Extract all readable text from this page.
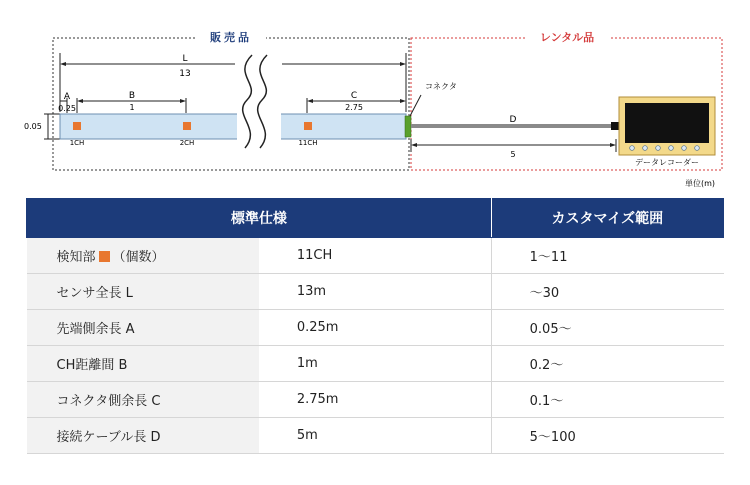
販売品	レンタル品
L
13
A
0.25
B
1
C
2.75
0.05
1CH	2CH	11CH
コネクタ
D
5
データレコーダー
単位(m)
標準仕様		カスタマイズ範囲
検知部 （個数）	11CH	1～11
センサ全長 L	13m	～30
先端側余長 A	0.25m	0.05～
CH距離間 B	1m	0.2～
コネクタ側余長 C	2.75m	0.1～
接続ケーブル長 D	5m	5～100
